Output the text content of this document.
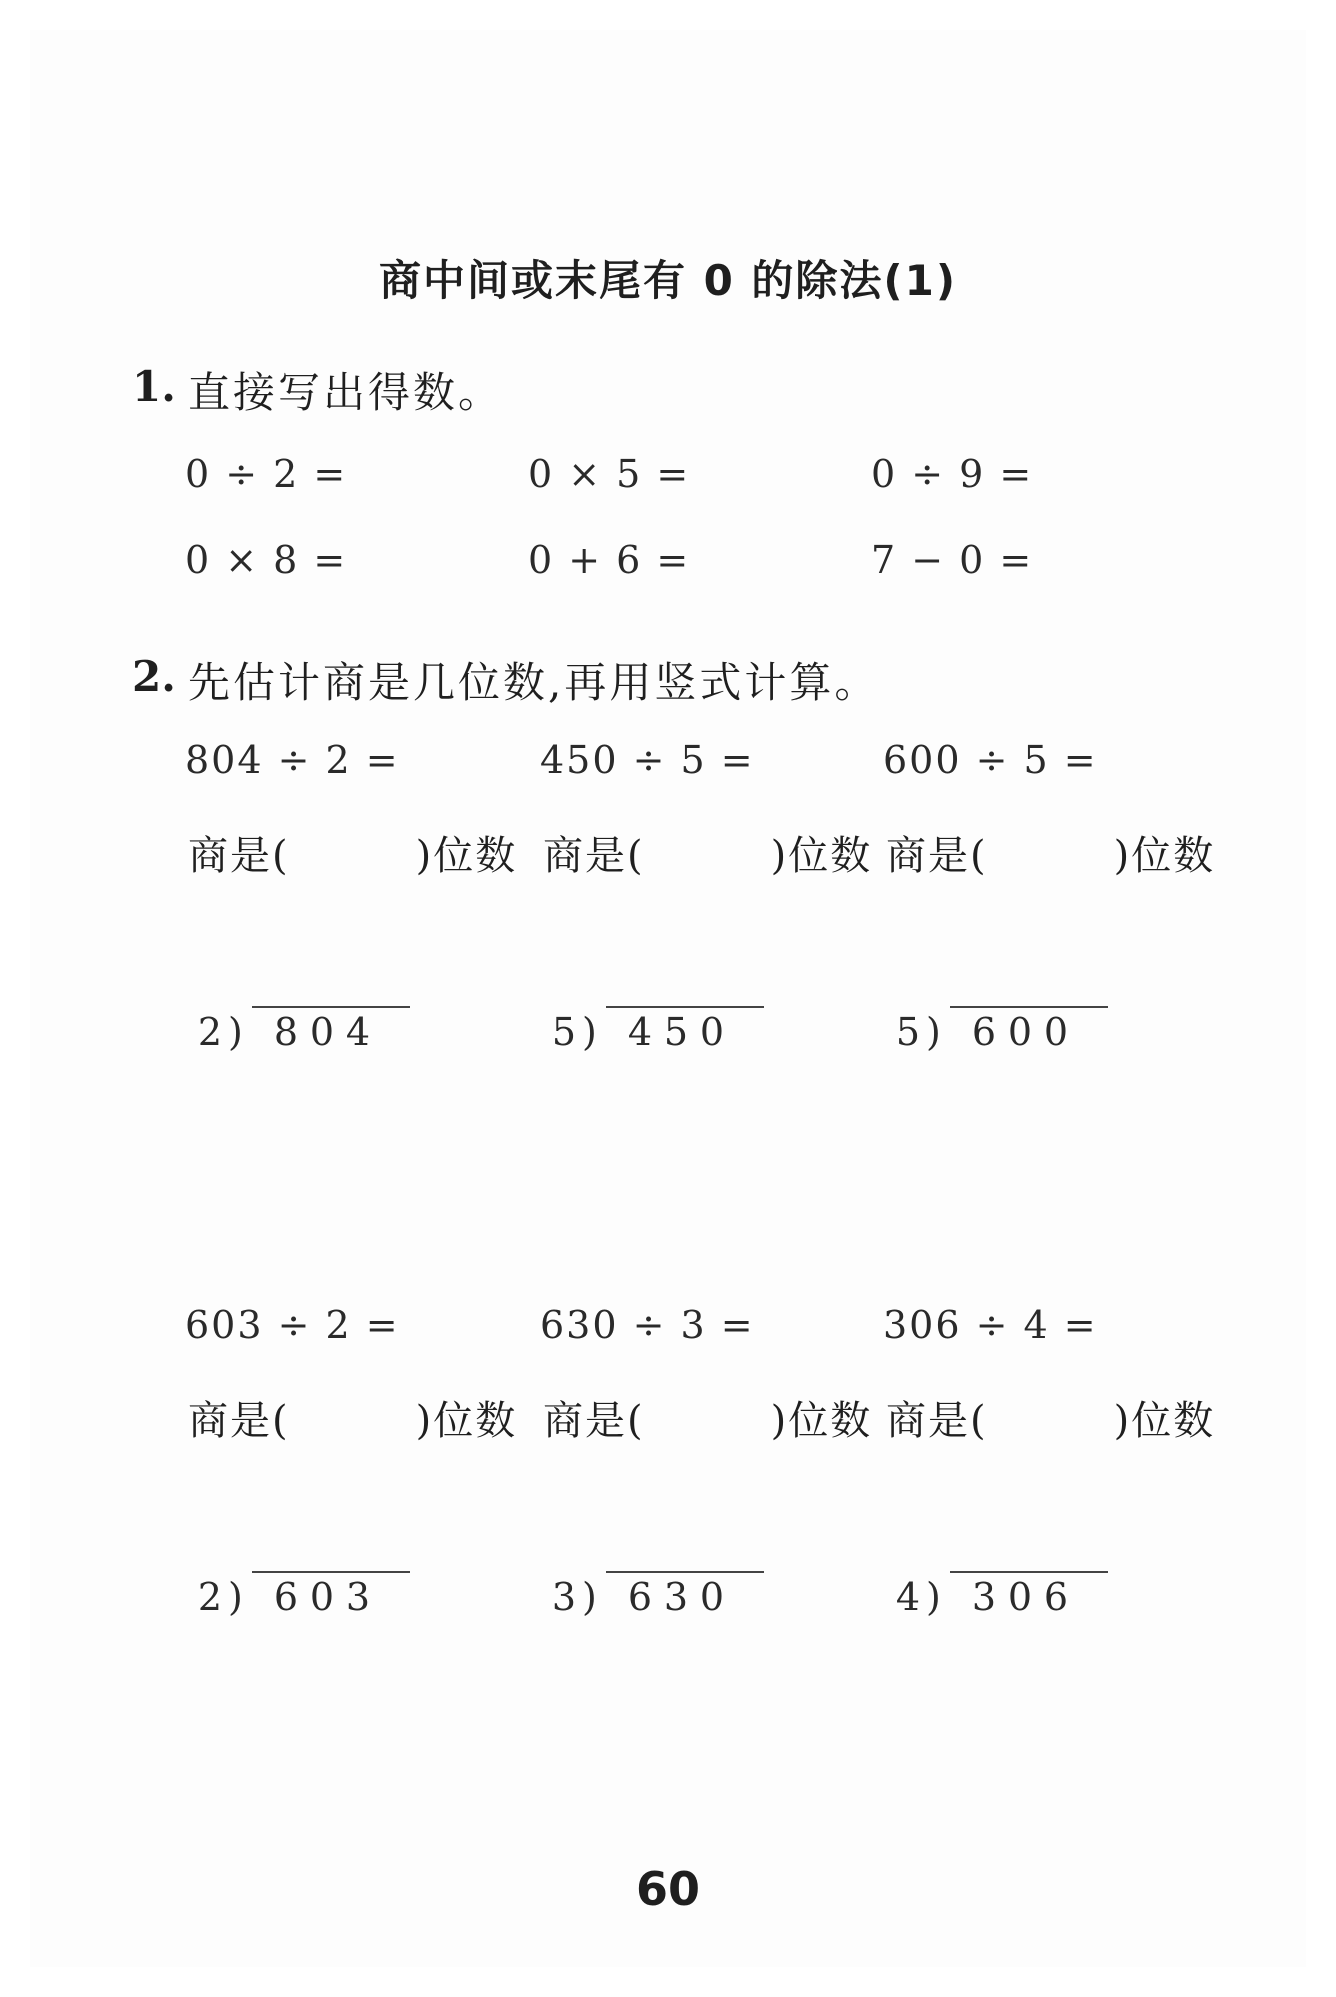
商中间或末尾有 0 的除法(1)
1. 直接写出得数。
0 ÷ 2 =	0 × 5 =	0 ÷ 9 =
0 × 8 =	0 + 6 =	7 − 0 =
2. 先估计商是几位数,再用竖式计算。
804 ÷ 2 =	450 ÷ 5 =	600 ÷ 5 =
商是(　　　)位数 商是(　　　)位数 商是(　　　)位数
2 ) 8 0 4	5 ) 4 5 0	5 ) 6 0 0
603 ÷ 2 =	630 ÷ 3 =	306 ÷ 4 =
商是(　　　)位数 商是(　　　)位数 商是(　　　)位数
2 ) 6 0 3	3 ) 6 3 0	4 ) 3 0 6
60
